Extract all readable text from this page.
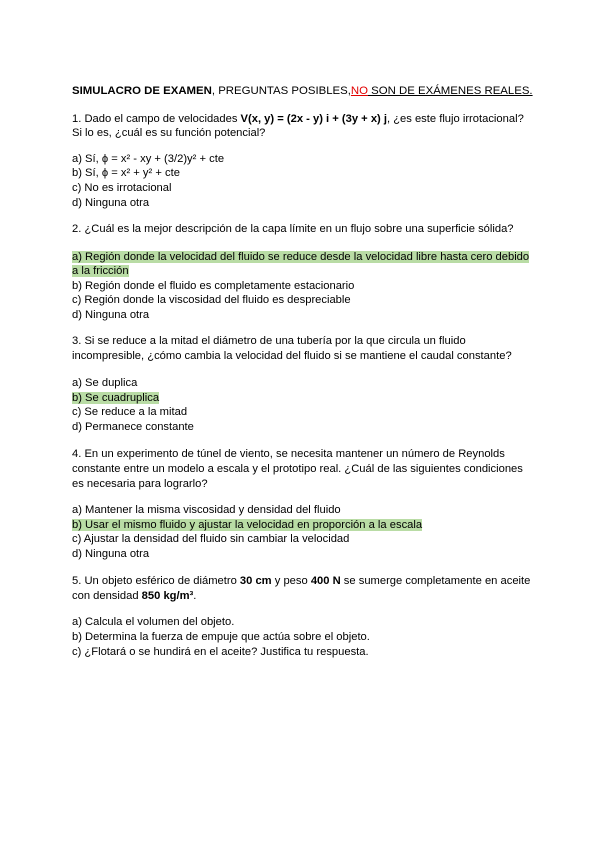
SIMULACRO DE EXAMEN, PREGUNTAS POSIBLES,NO SON DE EXÁMENES REALES.
1. Dado el campo de velocidades V(x, y) = (2x - y) i + (3y + x) j, ¿es este flujo irrotacional?
Si lo es, ¿cuál es su función potencial?
a) Sí, ϕ = x² - xy + (3/2)y² + cte
b) Sí, ϕ = x² + y² + cte
c) No es irrotacional
d) Ninguna otra
2. ¿Cuál es la mejor descripción de la capa límite en un flujo sobre una superficie sólida?
a) Región donde la velocidad del fluido se reduce desde la velocidad libre hasta cero debido
a la fricción
b) Región donde el fluido es completamente estacionario
c) Región donde la viscosidad del fluido es despreciable
d) Ninguna otra
3. Si se reduce a la mitad el diámetro de una tubería por la que circula un fluido
incompresible, ¿cómo cambia la velocidad del fluido si se mantiene el caudal constante?
a) Se duplica
b) Se cuadruplica
c) Se reduce a la mitad
d) Permanece constante
4. En un experimento de túnel de viento, se necesita mantener un número de Reynolds
constante entre un modelo a escala y el prototipo real. ¿Cuál de las siguientes condiciones
es necesaria para lograrlo?
a) Mantener la misma viscosidad y densidad del fluido
b) Usar el mismo fluido y ajustar la velocidad en proporción a la escala
c) Ajustar la densidad del fluido sin cambiar la velocidad
d) Ninguna otra
5. Un objeto esférico de diámetro 30 cm y peso 400 N se sumerge completamente en aceite
con densidad 850 kg/m³.
a) Calcula el volumen del objeto.
b) Determina la fuerza de empuje que actúa sobre el objeto.
c) ¿Flotará o se hundirá en el aceite? Justifica tu respuesta.
